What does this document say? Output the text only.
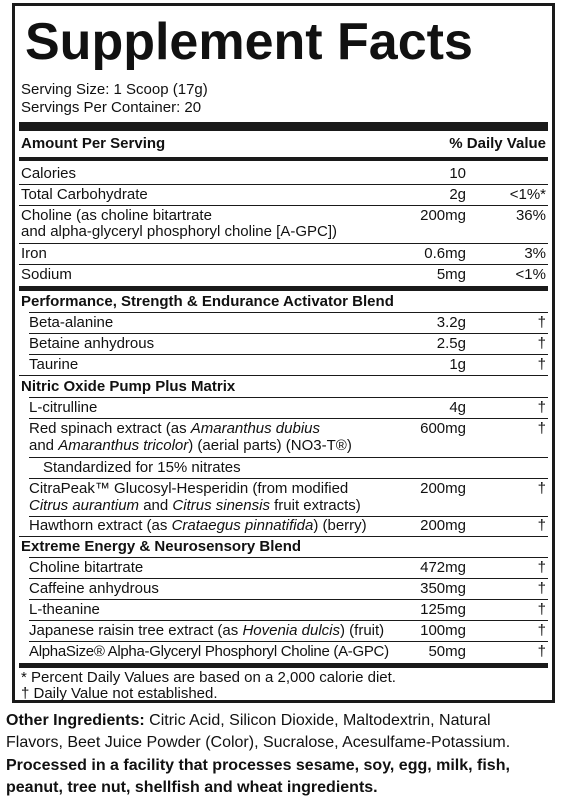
Supplement Facts
Serving Size: 1 Scoop (17g)
Servings Per Container: 20
Amount Per Serving	% Daily Value
Calories	10
Total Carbohydrate	2g	<1%*
Choline (as choline bitartrate
and alpha-glyceryl phosphoryl choline [A-GPC])
200mg	36%
Iron	0.6mg	3%
Sodium	5mg	<1%
Performance, Strength & Endurance Activator Blend
Beta-alanine	3.2g	†
Betaine anhydrous	2.5g	†
Taurine	1g	†
Nitric Oxide Pump Plus Matrix
L-citrulline	4g	†
Red spinach extract (as Amaranthus dubius
and Amaranthus tricolor) (aerial parts) (NO3-T®)
600mg	†
Standardized for 15% nitrates
CitraPeak™ Glucosyl-Hesperidin (from modified
Citrus aurantium and Citrus sinensis fruit extracts)
200mg	†
Hawthorn extract (as Crataegus pinnatifida) (berry)	200mg	†
Extreme Energy & Neurosensory Blend
Choline bitartrate	472mg	†
Caffeine anhydrous	350mg	†
L-theanine	125mg	†
Japanese raisin tree extract (as Hovenia dulcis) (fruit) 100mg	†
AlphaSize® Alpha-Glyceryl Phosphoryl Choline (A-GPC)	50mg	†
* Percent Daily Values are based on a 2,000 calorie diet.
† Daily Value not established.
Other Ingredients: Citric Acid, Silicon Dioxide, Maltodextrin, Natural
Flavors, Beet Juice Powder (Color), Sucralose, Acesulfame-Potassium.
Processed in a facility that processes sesame, soy, egg, milk, fish,
peanut, tree nut, shellfish and wheat ingredients.
